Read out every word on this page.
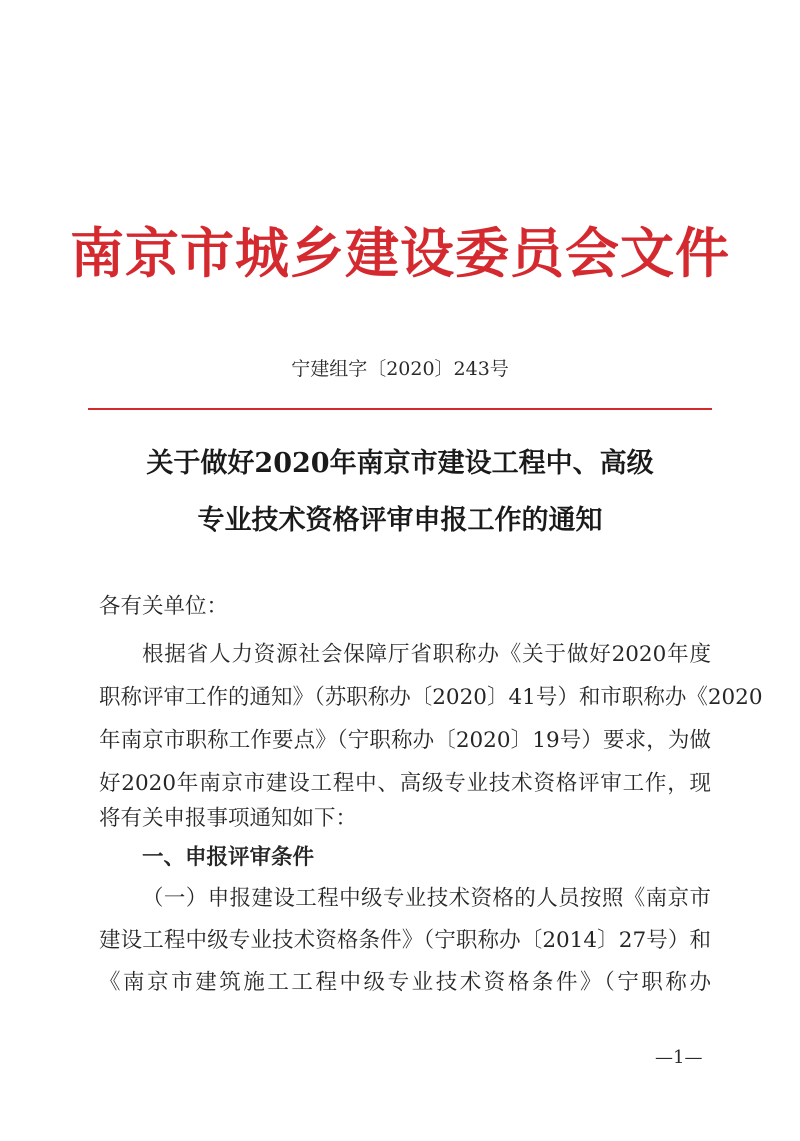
南京市城乡建设委员会文件
宁建组字〔2020〕243号
关于做好2020年南京市建设工程中、高级
专业技术资格评审申报工作的通知
各有关单位：
根据省人力资源社会保障厅省职称办《关于做好2020年度
职称评审工作的通知》（苏职称办〔2020〕41号）和市职称办《2020
年南京市职称工作要点》（宁职称办〔2020〕19号）要求，为做
好2020年南京市建设工程中、高级专业技术资格评审工作，现
将有关申报事项通知如下：
一、申报评审条件
（一）申报建设工程中级专业技术资格的人员按照《南京市
建设工程中级专业技术资格条件》（宁职称办〔2014〕27号）和
《南京市建筑施工工程中级专业技术资格条件》（宁职称办
—1—
